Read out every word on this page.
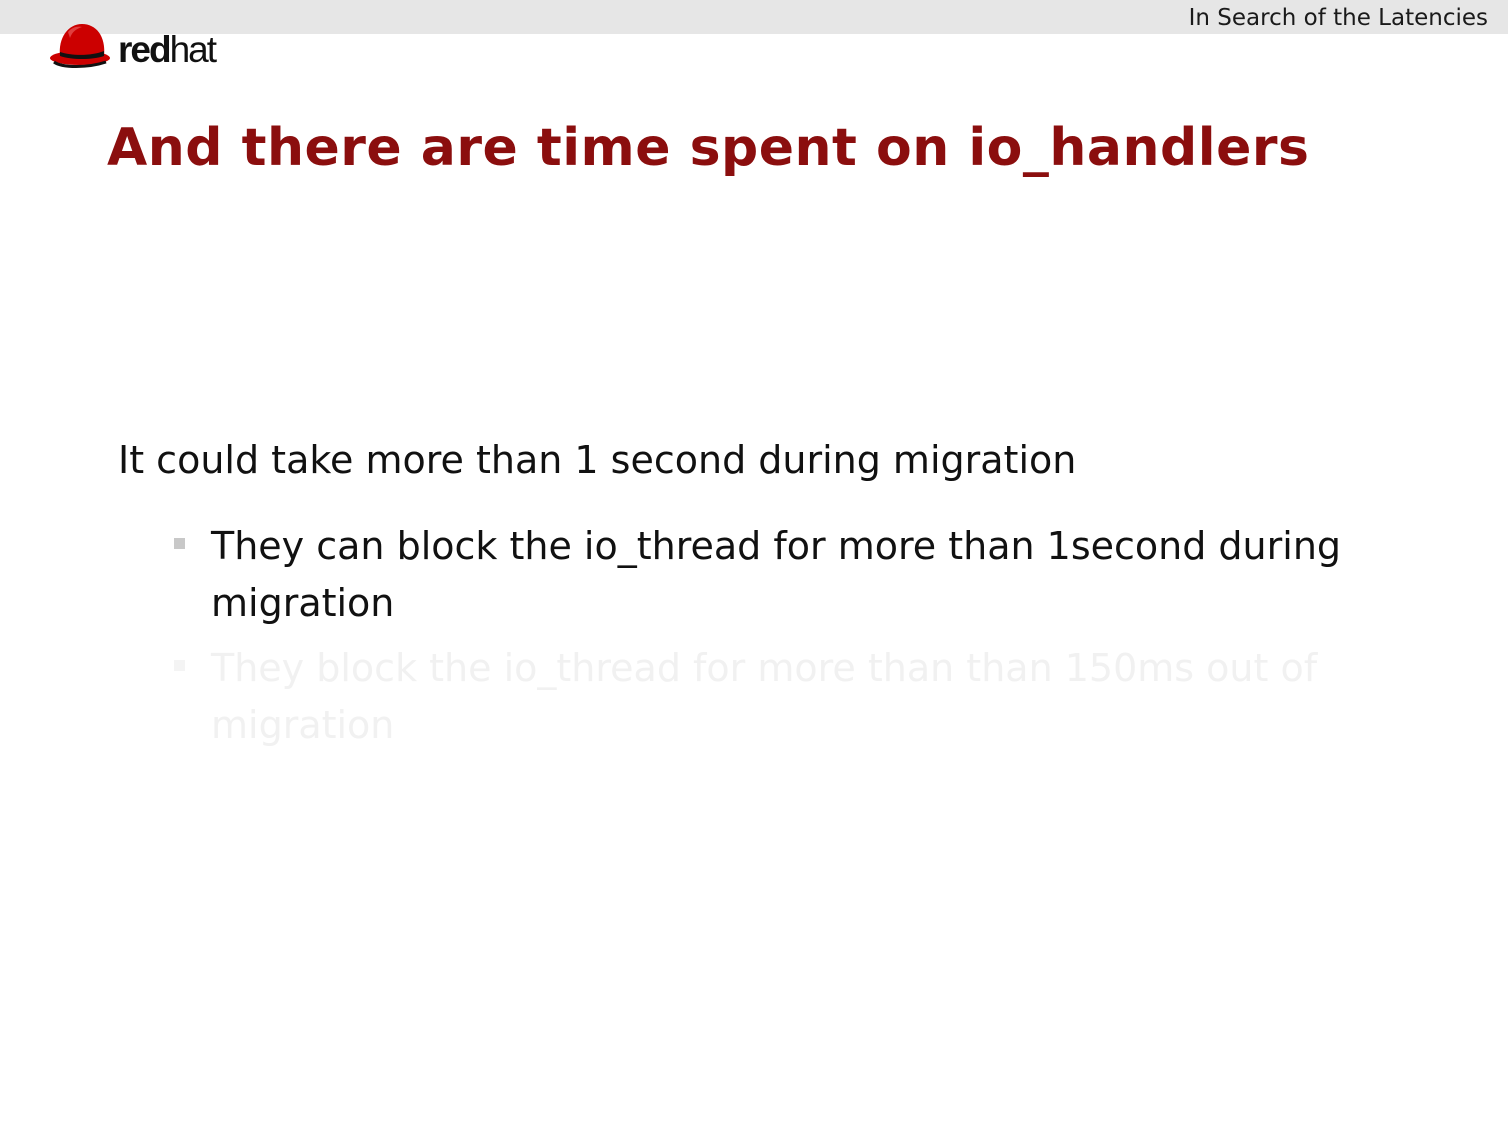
In Search of the Latencies
redhat
And there are time spent on io_handlers
It could take more than 1 second during migration
They can block the io_thread for more than 1second during migration
They block the io_thread for more than than 150ms out of migration
